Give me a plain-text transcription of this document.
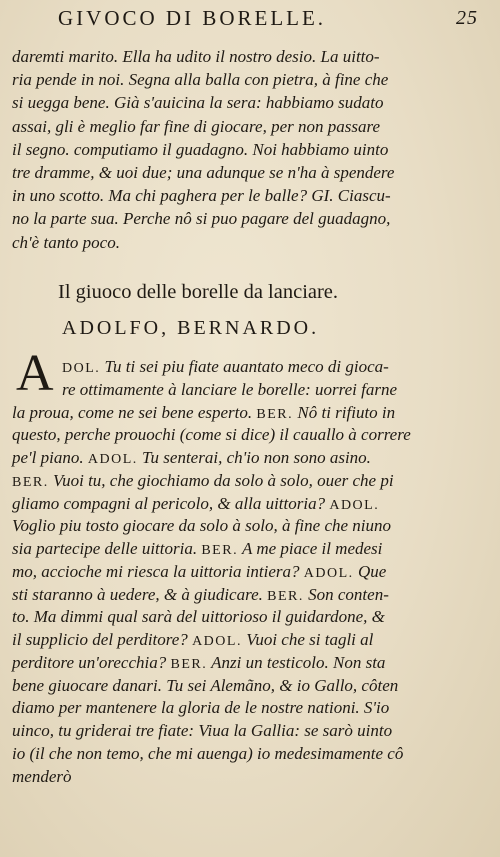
GIVOCO DI BORELLE.	25
daremti marito. Ella ha udito il nostro desio. La uitto-
ria pende in noi. Segna alla balla con pietra, à fine che
si uegga bene. Già s'auicina la sera: habbiamo sudato
assai, gli è meglio far fine di giocare, per non passare
il segno. computiamo il guadagno. Noi habbiamo uinto
tre dramme, & uoi due; una adunque se n'ha à spendere
in uno scotto. Ma chi paghera per le balle? GI. Ciascu-
no la parte sua. Perche nô si puo pagare del guadagno,
ch'è tanto poco.
Il giuoco delle borelle da lanciare.
ADOLFO, BERNARDO.
A DOL. Tu ti sei piu fiate auantato meco di gioca-
re ottimamente à lanciare le borelle: uorrei farne
la proua, come ne sei bene esperto. BER. Nô ti rifiuto in
questo, perche prouochi (come si dice) il cauallo à correre
pe'l piano. ADOL. Tu senterai, ch'io non sono asino.
BER. Vuoi tu, che giochiamo da solo à solo, ouer che pi
gliamo compagni al pericolo, & alla uittoria? ADOL.
Voglio piu tosto giocare da solo à solo, à fine che niuno
sia partecipe delle uittoria. BER. A me piace il medesi
mo, accioche mi riesca la uittoria intiera? ADOL. Que
sti staranno à uedere, & à giudicare. BER. Son conten-
to. Ma dimmi qual sarà del uittorioso il guidardone, &
il supplicio del perditore? ADOL. Vuoi che si tagli al
perditore un'orecchia? BER. Anzi un testicolo. Non sta
bene giuocare danari. Tu sei Alemãno, & io Gallo, côten
diamo per mantenere la gloria de le nostre nationi. S'io
uinco, tu griderai tre fiate: Viua la Gallia: se sarò uinto
io (il che non temo, che mi auenga) io medesimamente cô
menderò
